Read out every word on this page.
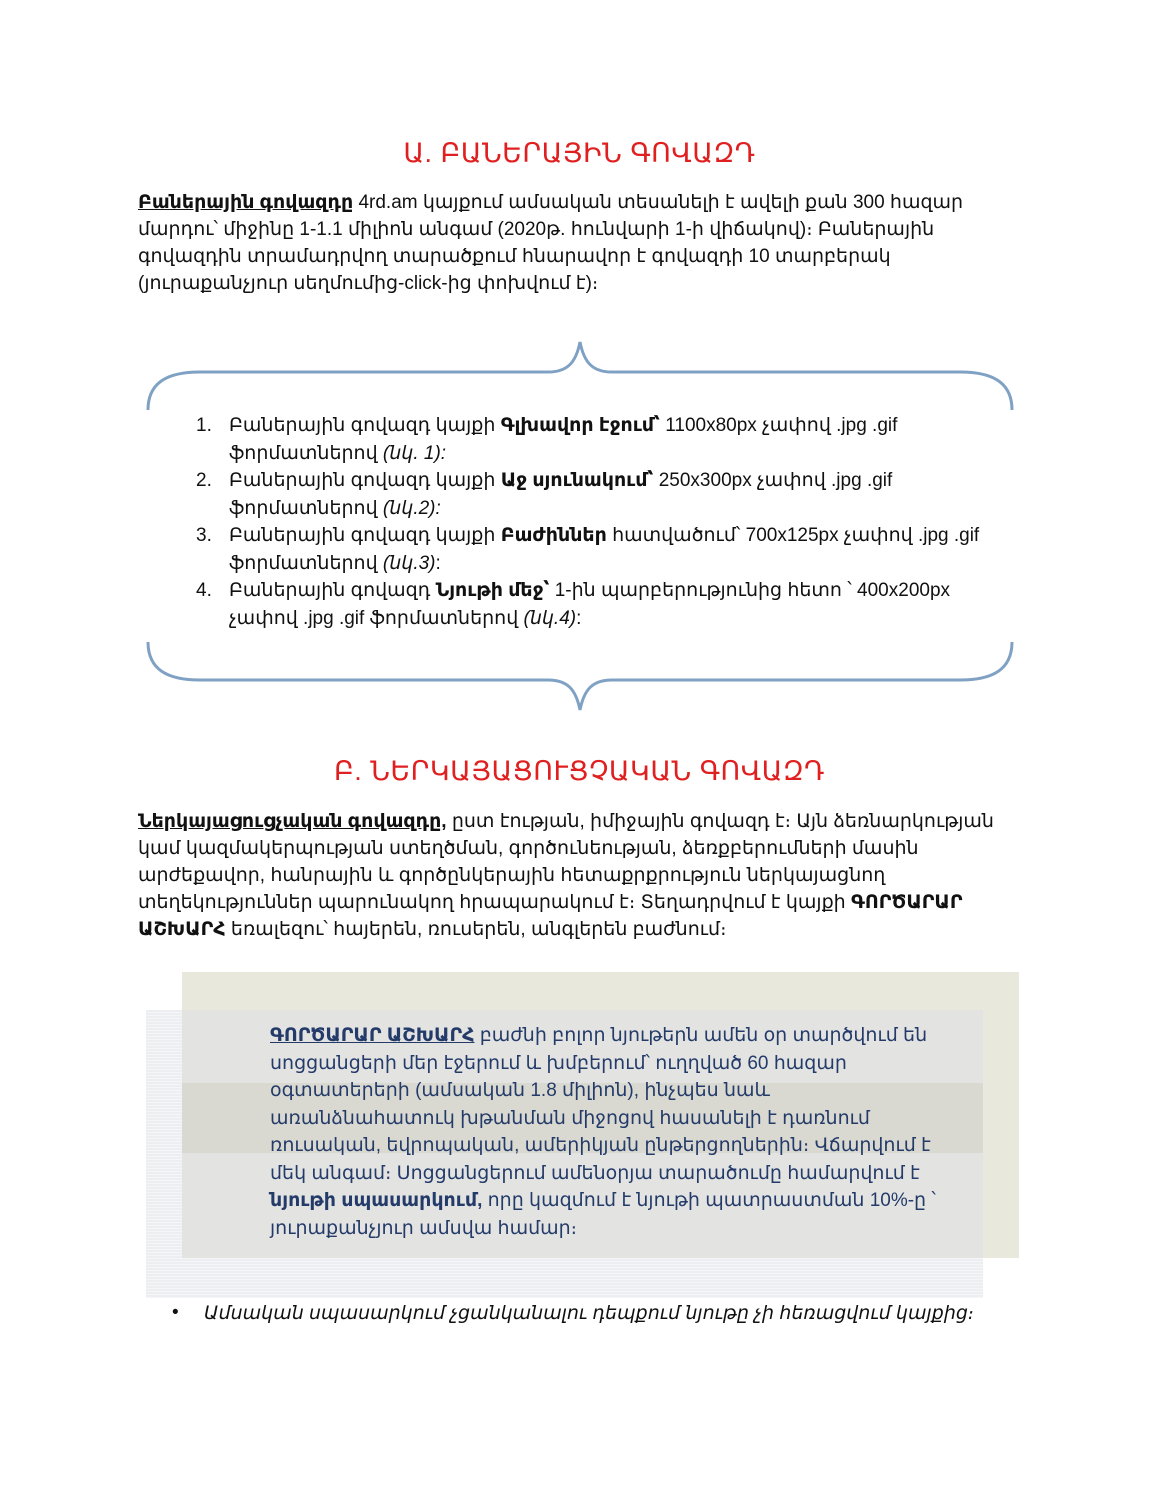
Ա. ԲԱՆԵՐԱՅԻՆ ԳՈՎԱԶԴ

Բաներային գովազդը 4rd.am կայքում ամսական տեսանելի է ավելի քան 300 հազար մարդու՝ միջինը 1-1.1 միլիոն անգամ (2020թ. հունվարի 1-ի վիճակով)։ Բաներային գովազդին տրամադրվող տարածքում հնարավոր է գովազդի 10 տարբերակ (յուրաքանչյուր սեղմումից-click-ից փոխվում է)։

1. Բաներային գովազդ կայքի Գլխավոր էջում՝ 1100x80px չափով .jpg .gif ֆորմատներով (նկ. 1):
2. Բաներային գովազդ կայքի Աջ սյունակում՝ 250x300px չափով .jpg .gif ֆորմատներով (նկ.2):
3. Բաներային գովազդ կայքի Բաժիններ հատվածում՝ 700x125px չափով .jpg .gif ֆորմատներով (նկ.3):
4. Բաներային գովազդ Նյութի մեջ՝ 1-ին պարբերությունից հետո ՝ 400x200px չափով .jpg .gif ֆորմատներով (նկ.4):
Բ. ՆԵՐԿԱՅԱՑՈՒՑՉԱԿԱՆ ԳՈՎԱԶԴ

Ներկայացուցչական գովազդը, ըստ էության, իմիջային գովազդ է։ Այն ձեռնարկության կամ կազմակերպության ստեղծման, գործունեության, ձեռքբերումների մասին արժեքավոր, հանրային և գործընկերային հետաքրքրություն ներկայացնող տեղեկություններ պարունակող հրապարակում է։ Տեղադրվում է կայքի ԳՈՐԾԱՐԱՐ ԱՇԽԱՐՀ եռալեզու՝ հայերեն, ռուսերեն, անգլերեն բաժնում։

ԳՈՐԾԱՐԱՐ ԱՇԽԱՐՀ բաժնի բոլոր նյութերն ամեն օր տարծվում են սոցցանցերի մեր էջերում և խմբերում՝ ուղղված 60 հազար օգտատերերի (ամսական 1.8 միլիոն), ինչպես նաև առանձնահատուկ խթանման միջոցով հասանելի է դառնում ռուսական, եվրոպական, ամերիկյան ընթերցողներին։ Վճարվում է մեկ անգամ։ Սոցցանցերում ամենօրյա տարածումը համարվում է նյութի սպասարկում, որը կազմում է նյութի պատրաստման 10%-ը ՝ յուրաքանչյուր ամսվա համար։

• Ամսական սպասարկում չցանկանալու դեպքում նյութը չի հեռացվում կայքից։
